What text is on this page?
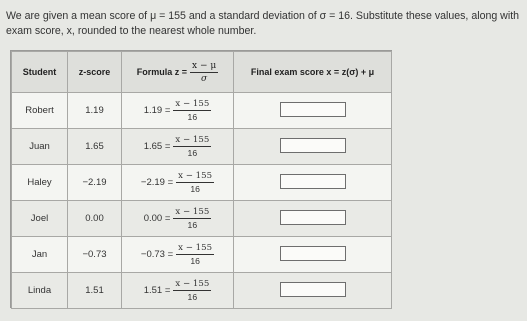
We are given a mean score of μ = 155 and a standard deviation of σ = 16. Substitute these values, along with
exam score, x, rounded to the nearest whole number.
Student	z-score	Formula $z = \frac{x - \mu}{\sigma}$	Final exam score x = z(σ) + μ
Robert	1.19	$1.19 = \frac{x - 155}{16}$

Juan	1.65	$1.65 = \frac{x - 155}{16}$

Haley	−2.19	$-2.19 = \frac{x - 155}{16}$

Joel	0.00	$0.00 = \frac{x - 155}{16}$

Jan	−0.73	$-0.73 = \frac{x - 155}{16}$

Linda	1.51	$1.51 = \frac{x - 155}{16}$
